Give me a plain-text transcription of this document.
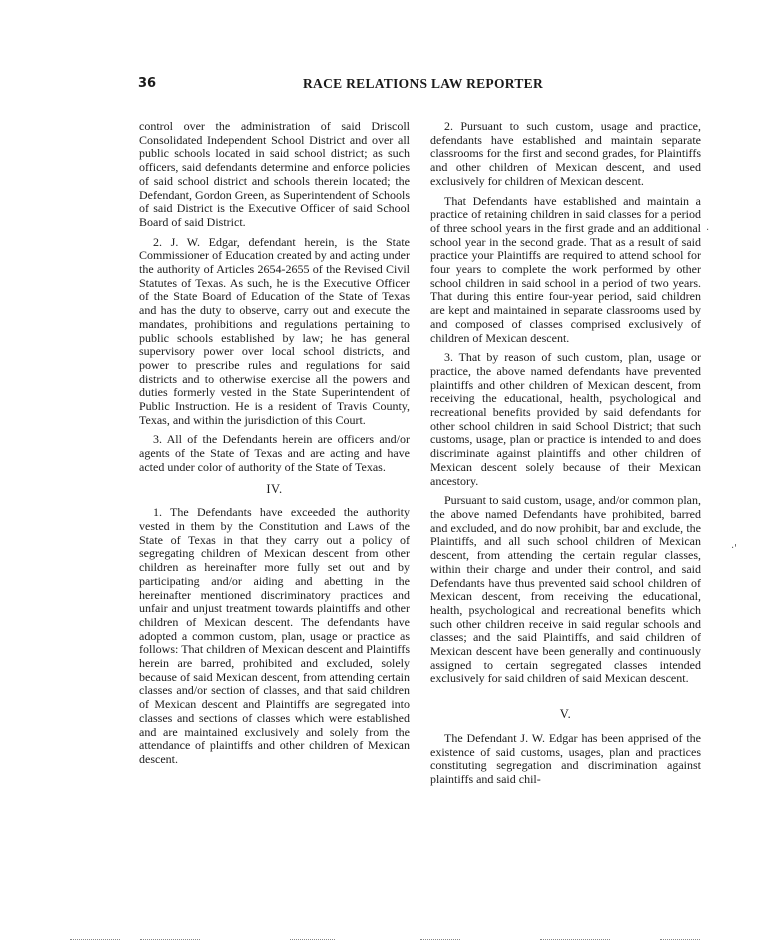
36	RACE RELATIONS LAW REPORTER

control over the administration of said Driscoll Consolidated Independent School District and over all public schools located in said school district; as such officers, said defendants determine and enforce policies of said school district and schools therein located; the Defendant, Gordon Green, as Superintendent of Schools of said District is the Executive Officer of said School Board of said District.

2. J. W. Edgar, defendant herein, is the State Commissioner of Education created by and acting under the authority of Articles 2654-2655 of the Revised Civil Statutes of Texas. As such, he is the Executive Officer of the State Board of Education of the State of Texas and has the duty to observe, carry out and execute the mandates, prohibitions and regulations pertaining to public schools established by law; he has general supervisory power over local school districts, and power to prescribe rules and regulations for said districts and to otherwise exercise all the powers and duties formerly vested in the State Superintendent of Public Instruction. He is a resident of Travis County, Texas, and within the jurisdiction of this Court.

3. All of the Defendants herein are officers and/or agents of the State of Texas and are acting and have acted under color of authority of the State of Texas.

IV.

1. The Defendants have exceeded the authority vested in them by the Constitution and Laws of the State of Texas in that they carry out a policy of segregating children of Mexican descent from other children as hereinafter more fully set out and by participating and/or aiding and abetting in the hereinafter mentioned discriminatory practices and unfair and unjust treatment towards plaintiffs and other children of Mexican descent. The defendants have adopted a common custom, plan, usage or practice as follows: That children of Mexican descent and Plaintiffs herein are barred, prohibited and excluded, solely because of said Mexican descent, from attending certain classes and/or section of classes, and that said children of Mexican descent and Plaintiffs are segregated into classes and sections of classes which were established and are maintained exclusively and solely from the attendance of plaintiffs and other children of Mexican descent.

2. Pursuant to such custom, usage and practice, defendants have established and maintain separate classrooms for the first and second grades, for Plaintiffs and other children of Mexican descent, and used exclusively for children of Mexican descent.

That Defendants have established and maintain a practice of retaining children in said classes for a period of three school years in the first grade and an additional school year in the second grade. That as a result of said practice your Plaintiffs are required to attend school for four years to complete the work performed by other school children in said school in a period of two years. That during this entire four-year period, said children are kept and maintained in separate classrooms used by and composed of classes comprised exclusively of children of Mexican descent.

3. That by reason of such custom, plan, usage or practice, the above named defendants have prevented plaintiffs and other children of Mexican descent, from receiving the educational, health, psychological and recreational benefits provided by said defendants for other school children in said School District; that such customs, usage, plan or practice is intended to and does discriminate against plaintiffs and other children of Mexican descent solely because of their Mexican ancestory.

Pursuant to said custom, usage, and/or common plan, the above named Defendants have prohibited, barred and excluded, and do now prohibit, bar and exclude, the Plaintiffs, and all such school children of Mexican descent, from attending the certain regular classes, within their charge and under their control, and said Defendants have thus prevented said school children of Mexican descent, from receiving the educational, health, psychological and recreational benefits which such other children receive in said regular schools and classes; and the said Plaintiffs, and said children of Mexican descent have been generally and continuously assigned to certain segregated classes intended exclusively for said children of said Mexican descent.

V.

The Defendant J. W. Edgar has been apprised of the existence of said customs, usages, plan and practices constituting segregation and discrimination against plaintiffs and said chil-

.
·'
